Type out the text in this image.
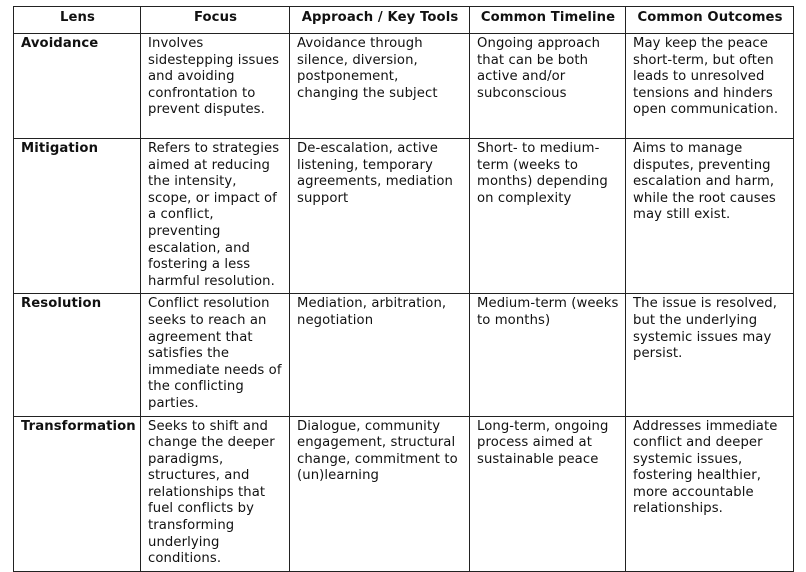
Lens	Focus	Approach / Key Tools	Common Timeline	Common Outcomes
Avoidance	Involves sidestepping issues and avoiding confrontation to prevent disputes.	Avoidance through silence, diversion, postponement, changing the subject	Ongoing approach that can be both active and/or subconscious	May keep the peace short-term, but often leads to unresolved tensions and hinders open communication.
Mitigation	Refers to strategies aimed at reducing the intensity, scope, or impact of a conflict, preventing escalation, and fostering a less harmful resolution.	De-escalation, active listening, temporary agreements, mediation support	Short- to medium-term (weeks to months) depending on complexity	Aims to manage disputes, preventing escalation and harm, while the root causes may still exist.
Resolution	Conflict resolution seeks to reach an agreement that satisfies the immediate needs of the conflicting parties.	Mediation, arbitration, negotiation	Medium-term (weeks to months)	The issue is resolved, but the underlying systemic issues may persist.
Transformation	Seeks to shift and change the deeper paradigms, structures, and relationships that fuel conflicts by transforming underlying conditions.	Dialogue, community engagement, structural change, commitment to (un)learning	Long-term, ongoing process aimed at sustainable peace	Addresses immediate conflict and deeper systemic issues, fostering healthier, more accountable relationships.
